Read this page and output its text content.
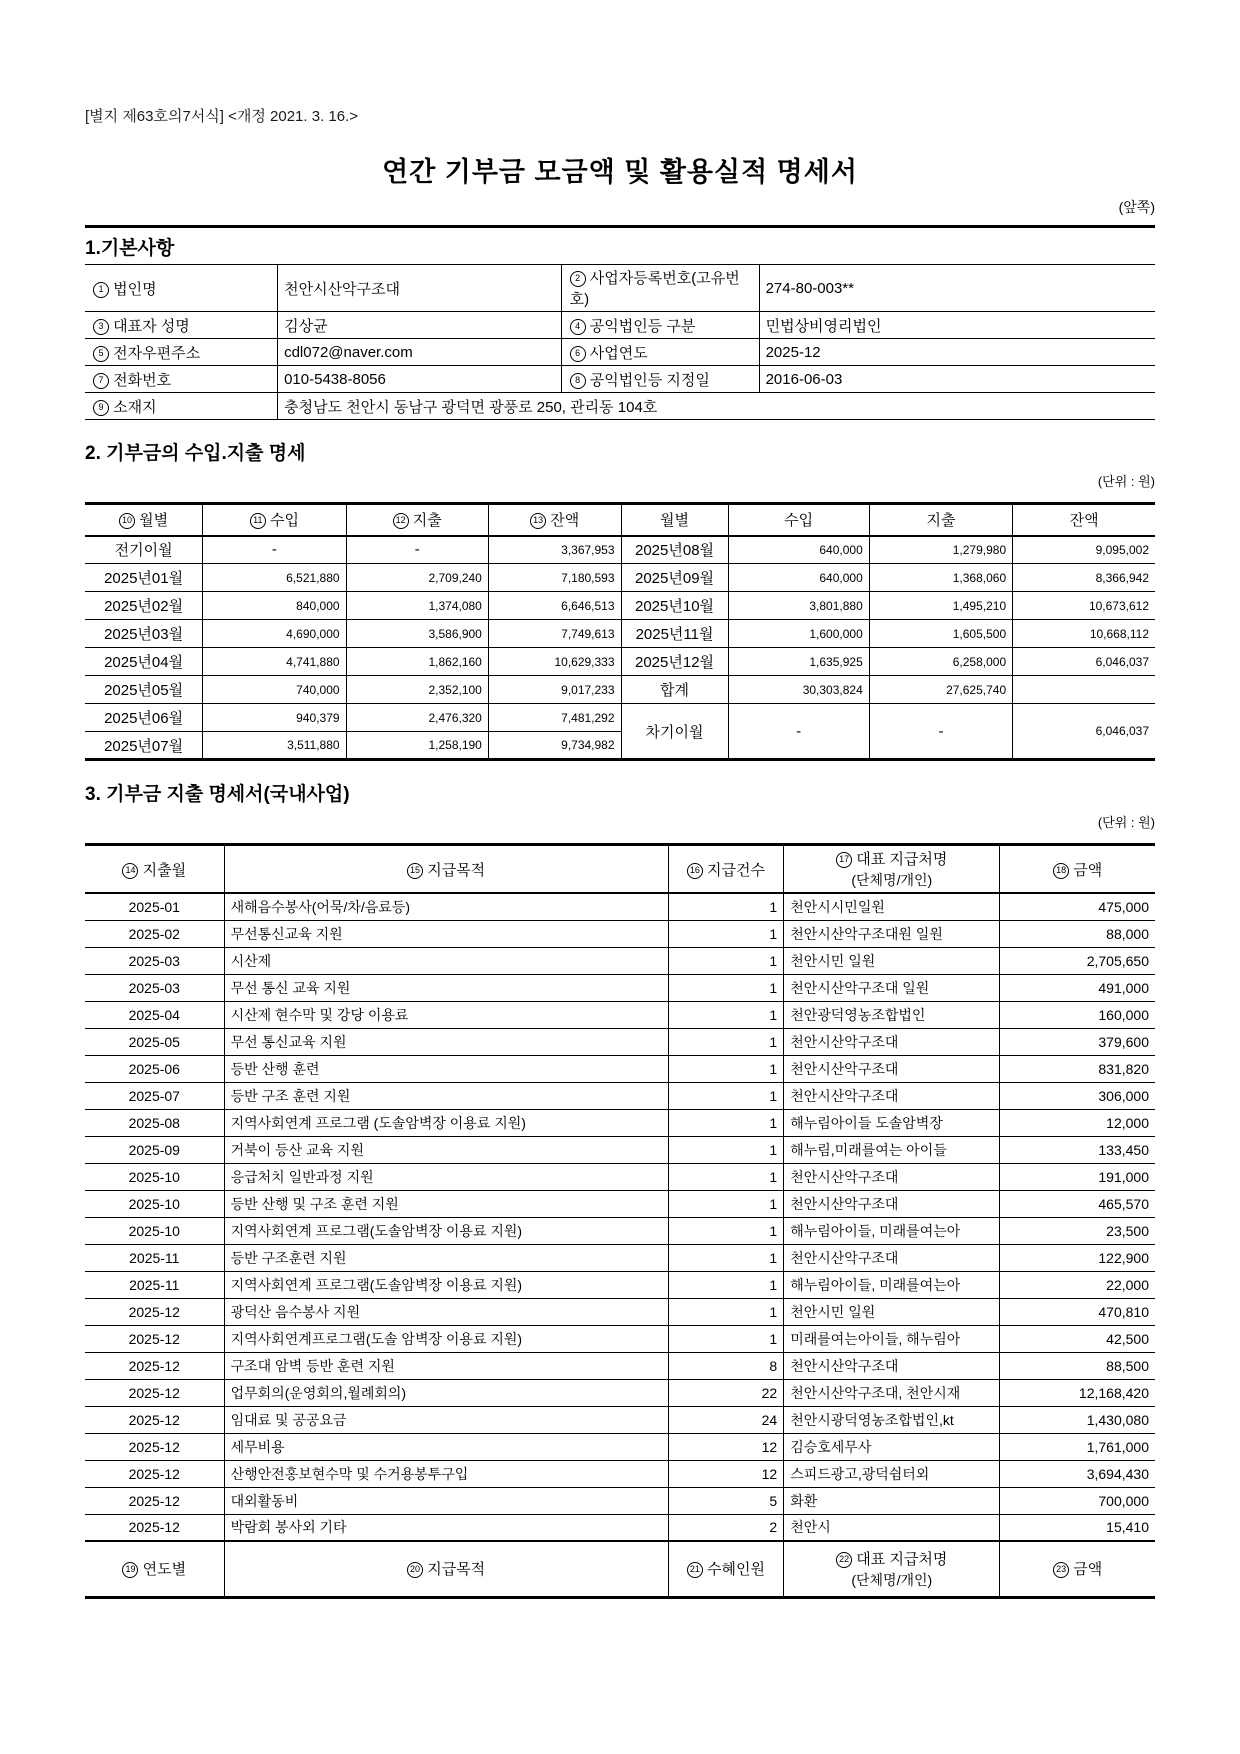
[별지 제63호의7서식] <개정 2021. 3. 16.>
연간 기부금 모금액 및 활용실적 명세서
(앞쪽)
1.기본사항
1 법인명	천안시산악구조대	2 사업자등록번호(고유번호)	274-80-003**
3 대표자 성명	김상균	4 공익법인등 구분	민법상비영리법인
5 전자우편주소	cdl072@naver.com	6 사업연도	2025-12
7 전화번호	010-5438-8056	8 공익법인등 지정일	2016-06-03
9 소재지	충청남도 천안시 동남구 광덕면 광풍로 250, 관리동 104호		
2. 기부금의 수입.지출 명세
(단위 : 원)
10 월별	11 수입	12 지출	13 잔액	월별	수입	지출	잔액
전기이월	-	-	3,367,953	2025년08월	640,000	1,279,980	9,095,002
2025년01월	6,521,880	2,709,240	7,180,593	2025년09월	640,000	1,368,060	8,366,942
2025년02월	840,000	1,374,080	6,646,513	2025년10월	3,801,880	1,495,210	10,673,612
2025년03월	4,690,000	3,586,900	7,749,613	2025년11월	1,600,000	1,605,500	10,668,112
2025년04월	4,741,880	1,862,160	10,629,333	2025년12월	1,635,925	6,258,000	6,046,037
2025년05월	740,000	2,352,100	9,017,233	합계	30,303,824	27,625,740	
2025년06월	940,379	2,476,320	7,481,292	차기이월	-	-	6,046,037
2025년07월	3,511,880	1,258,190	9,734,982				
3. 기부금 지출 명세서(국내사업)
(단위 : 원)
14 지출월	15 지급목적	16 지급건수	17 대표 지급처명
(단체명/개인)	18 금액
2025-01	새해음수봉사(어묵/차/음료등)	1	천안시시민일원	475,000
2025-02	무선통신교육 지원	1	천안시산악구조대원 일원	88,000
2025-03	시산제	1	천안시민 일원	2,705,650
2025-03	무선 통신 교육 지원	1	천안시산악구조대 일원	491,000
2025-04	시산제 현수막 및 강당 이용료	1	천안광덕영농조합법인	160,000
2025-05	무선 통신교육 지원	1	천안시산악구조대	379,600
2025-06	등반 산행 훈련	1	천안시산악구조대	831,820
2025-07	등반 구조 훈련 지원	1	천안시산악구조대	306,000
2025-08	지역사회연계 프로그램 (도솔암벽장 이용료 지원)	1	해누림아이들 도솔암벽장	12,000
2025-09	거북이 등산 교육 지원	1	해누림,미래를여는 아이들	133,450
2025-10	응급처치 일반과정 지원	1	천안시산악구조대	191,000
2025-10	등반 산행 및 구조 훈련 지원	1	천안시산악구조대	465,570
2025-10	지역사회연계 프로그램(도솔암벽장 이용료 지원)	1	해누림아이들, 미래를여는아	23,500
2025-11	등반 구조훈련 지원	1	천안시산악구조대	122,900
2025-11	지역사회연계 프로그램(도솔암벽장 이용료 지원)	1	해누림아이들, 미래를여는아	22,000
2025-12	광덕산 음수봉사 지원	1	천안시민 일원	470,810
2025-12	지역사회연계프로그램(도솔 암벽장 이용료 지원)	1	미래를여는아이들, 해누림아	42,500
2025-12	구조대 암벽 등반 훈련 지원	8	천안시산악구조대	88,500
2025-12	업무회의(운영회의,월례회의)	22	천안시산악구조대, 천안시재	12,168,420
2025-12	임대료 및 공공요금	24	천안시광덕영농조합법인,kt	1,430,080
2025-12	세무비용	12	김승호세무사	1,761,000
2025-12	산행안전홍보현수막 및 수거용봉투구입	12	스피드광고,광덕쉼터외	3,694,430
2025-12	대외활동비	5	화환	700,000
2025-12	박람회 봉사외 기타	2	천안시	15,410
19 연도별	20 지급목적	21 수혜인원	22 대표 지급처명
(단체명/개인)	23 금액
